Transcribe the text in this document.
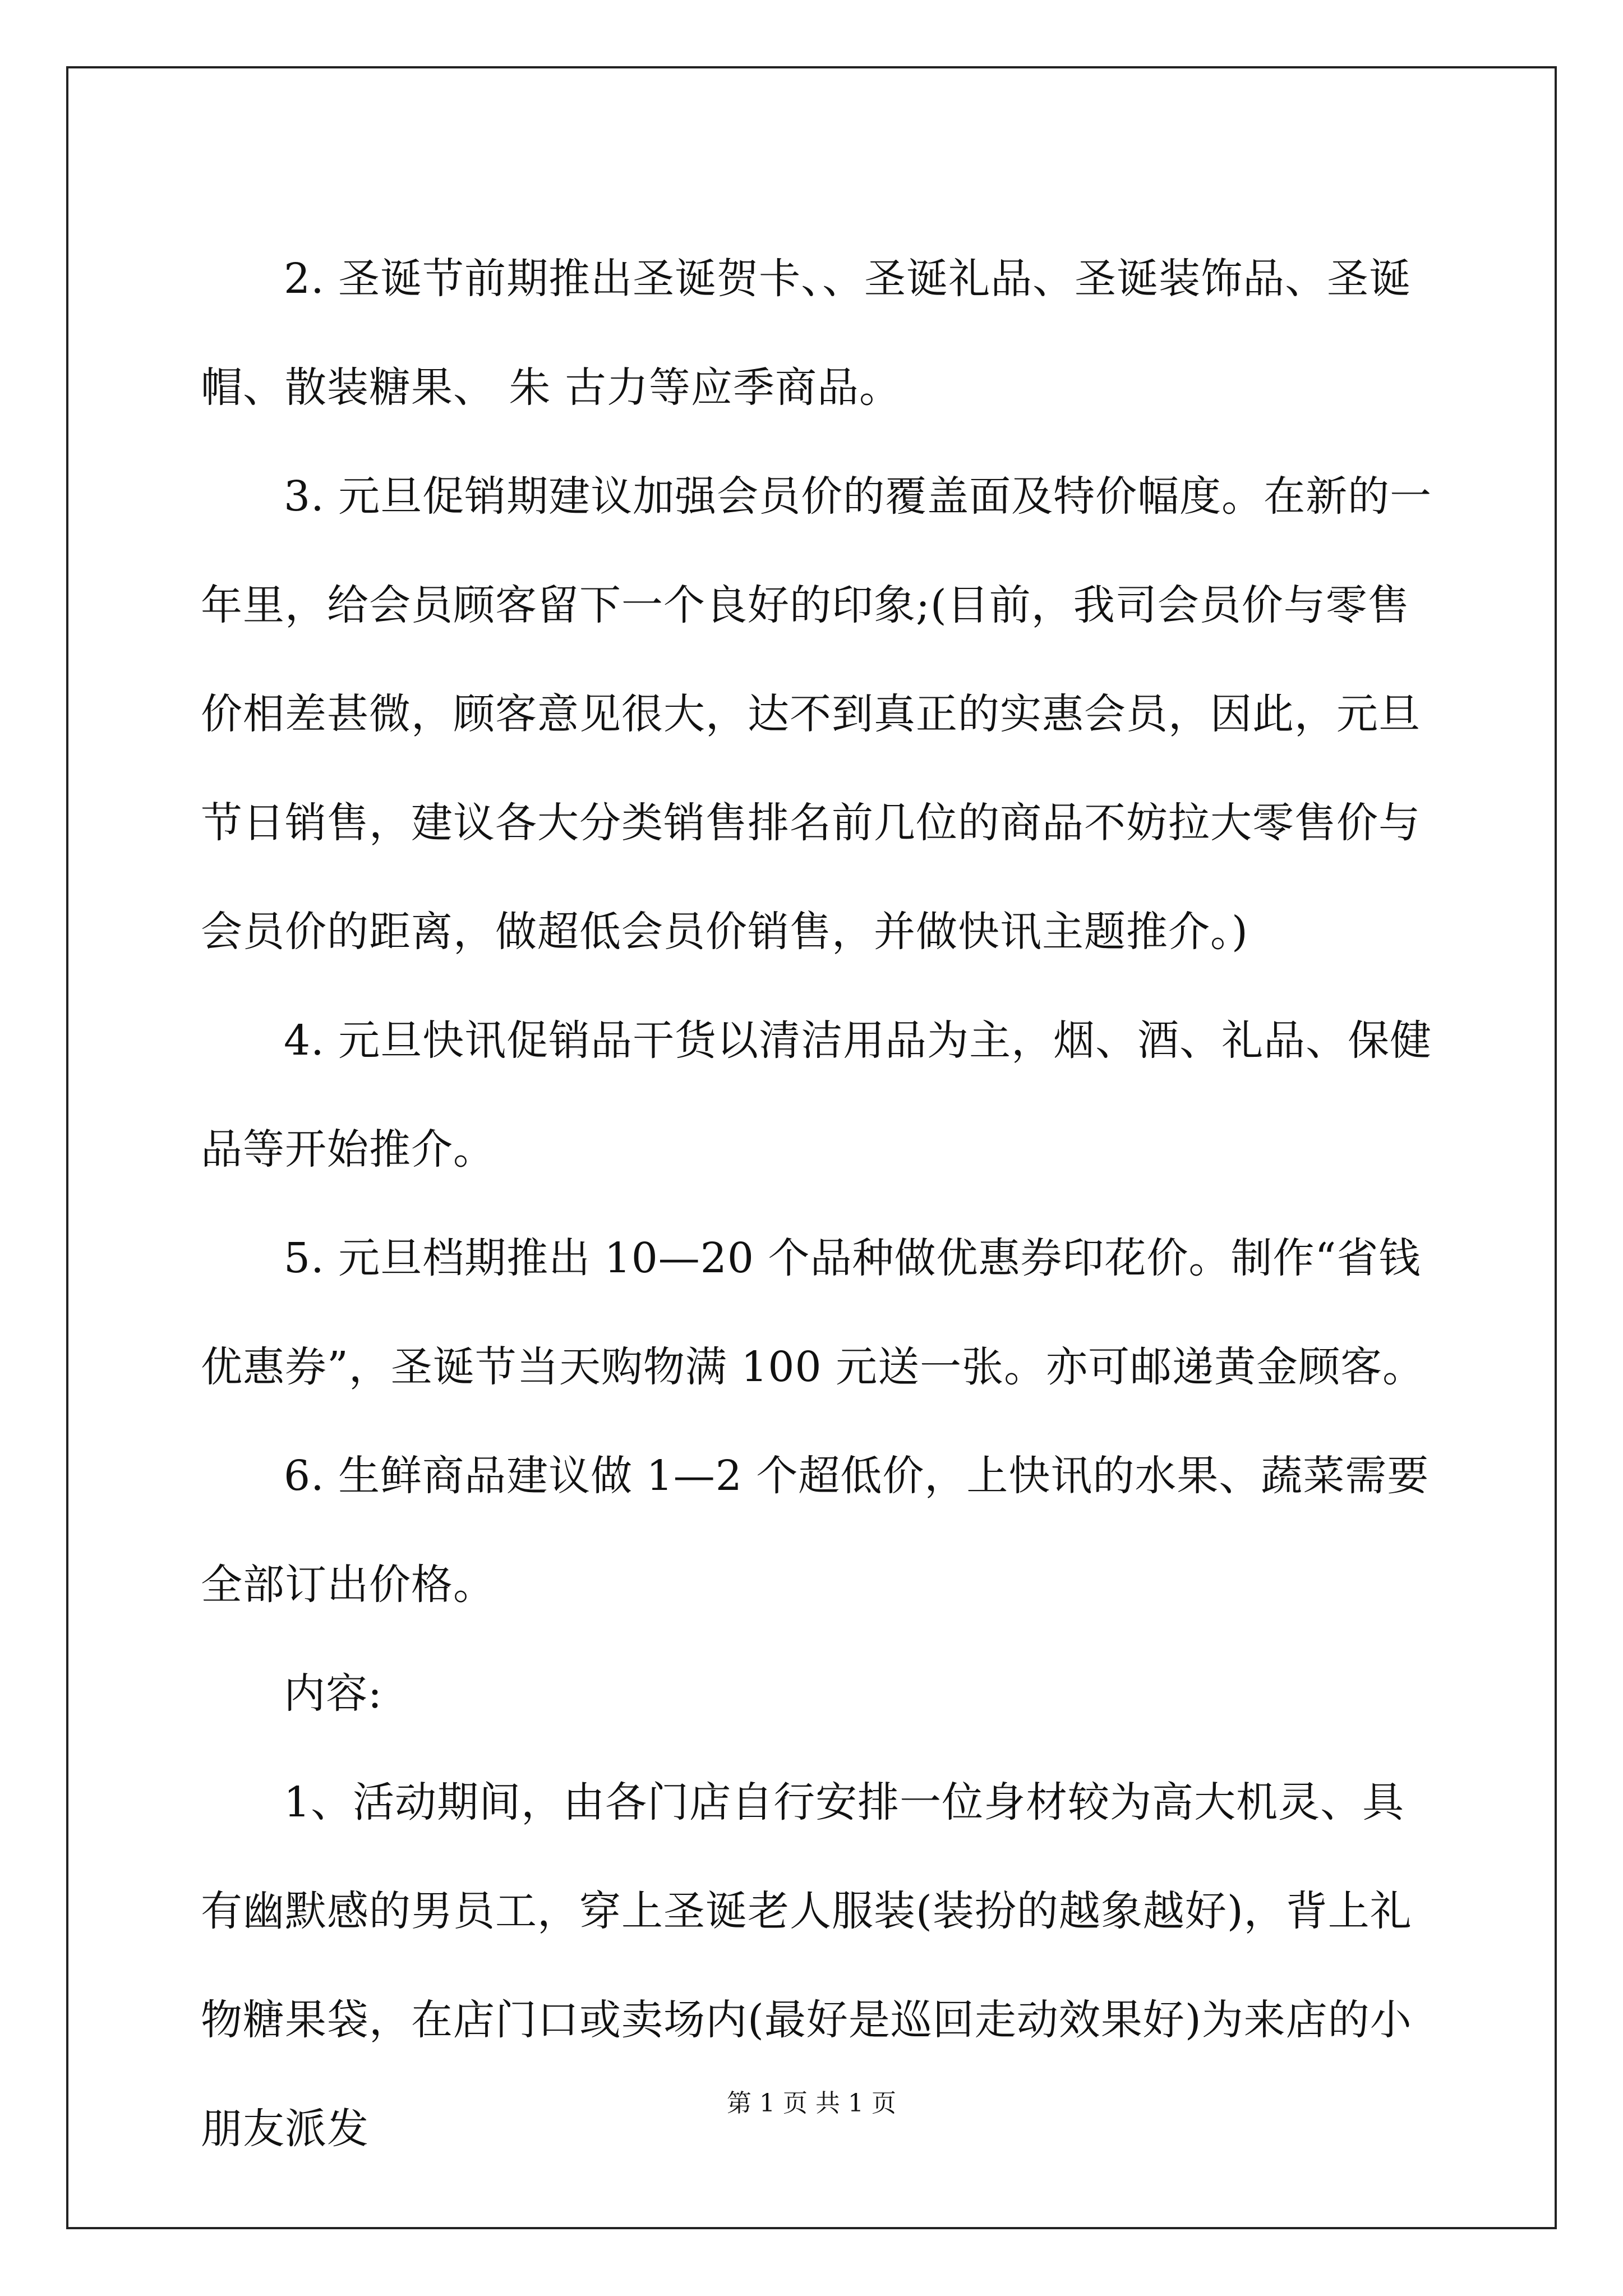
2. 圣诞节前期推出圣诞贺卡、、圣诞礼品、圣诞装饰品、圣诞帽、散装糖果、 朱 古力等应季商品。

3. 元旦促销期建议加强会员价的覆盖面及特价幅度。在新的一年里，给会员顾客留下一个良好的印象;(目前，我司会员价与零售价相差甚微，顾客意见很大，达不到真正的实惠会员，因此，元旦节日销售，建议各大分类销售排名前几位的商品不妨拉大零售价与会员价的距离，做超低会员价销售，并做快讯主题推介。)

4. 元旦快讯促销品干货以清洁用品为主，烟、酒、礼品、保健品等开始推介。

5. 元旦档期推出 10—20 个品种做优惠券印花价。制作“省钱优惠券”，圣诞节当天购物满 100 元送一张。亦可邮递黄金顾客。

6. 生鲜商品建议做 1—2 个超低价，上快讯的水果、蔬菜需要全部订出价格。

内容:

1、活动期间，由各门店自行安排一位身材较为高大机灵、具有幽默感的男员工，穿上圣诞老人服装(装扮的越象越好)，背上礼物糖果袋，在店门口或卖场内(最好是巡回走动效果好)为来店的小朋友派发

第 1 页 共 1 页
